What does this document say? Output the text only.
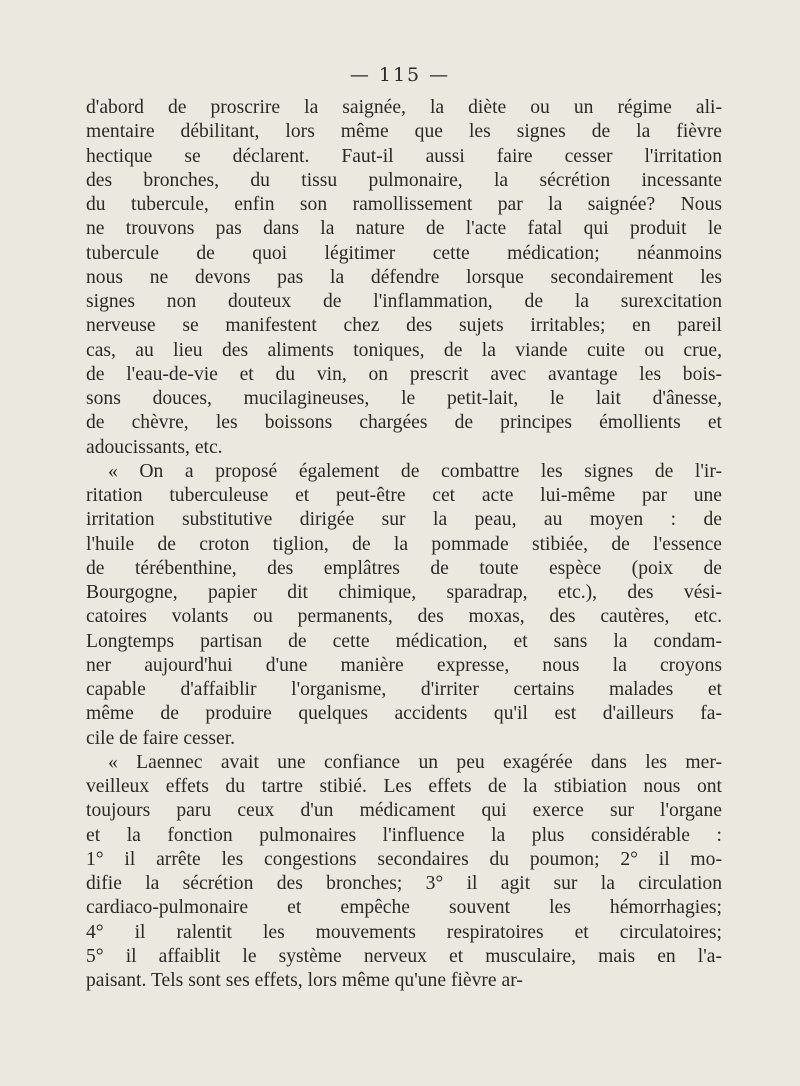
— 115 —

d'abord de proscrire la saignée, la diète ou un régime ali-
mentaire débilitant, lors même que les signes de la fièvre
hectique se déclarent. Faut-il aussi faire cesser l'irritation
des bronches, du tissu pulmonaire, la sécrétion incessante
du tubercule, enfin son ramollissement par la saignée? Nous
ne trouvons pas dans la nature de l'acte fatal qui produit le
tubercule de quoi légitimer cette médication; néanmoins
nous ne devons pas la défendre lorsque secondairement les
signes non douteux de l'inflammation, de la surexcitation
nerveuse se manifestent chez des sujets irritables; en pareil
cas, au lieu des aliments toniques, de la viande cuite ou crue,
de l'eau-de-vie et du vin, on prescrit avec avantage les bois-
sons douces, mucilagineuses, le petit-lait, le lait d'ânesse,
de chèvre, les boissons chargées de principes émollients et
adoucissants, etc.

« On a proposé également de combattre les signes de l'ir-
ritation tuberculeuse et peut-être cet acte lui-même par une
irritation substitutive dirigée sur la peau, au moyen : de
l'huile de croton tiglion, de la pommade stibiée, de l'essence
de térébenthine, des emplâtres de toute espèce (poix de
Bourgogne, papier dit chimique, sparadrap, etc.), des vési-
catoires volants ou permanents, des moxas, des cautères, etc.
Longtemps partisan de cette médication, et sans la condam-
ner aujourd'hui d'une manière expresse, nous la croyons
capable d'affaiblir l'organisme, d'irriter certains malades et
même de produire quelques accidents qu'il est d'ailleurs fa-
cile de faire cesser.

« Laennec avait une confiance un peu exagérée dans les mer-
veilleux effets du tartre stibié. Les effets de la stibiation nous ont
toujours paru ceux d'un médicament qui exerce sur l'organe
et la fonction pulmonaires l'influence la plus considérable :
1° il arrête les congestions secondaires du poumon; 2° il mo-
difie la sécrétion des bronches; 3° il agit sur la circulation
cardiaco-pulmonaire et empêche souvent les hémorrhagies;
4° il ralentit les mouvements respiratoires et circulatoires;
5° il affaiblit le système nerveux et musculaire, mais en l'a-
paisant. Tels sont ses effets, lors même qu'une fièvre ar-
